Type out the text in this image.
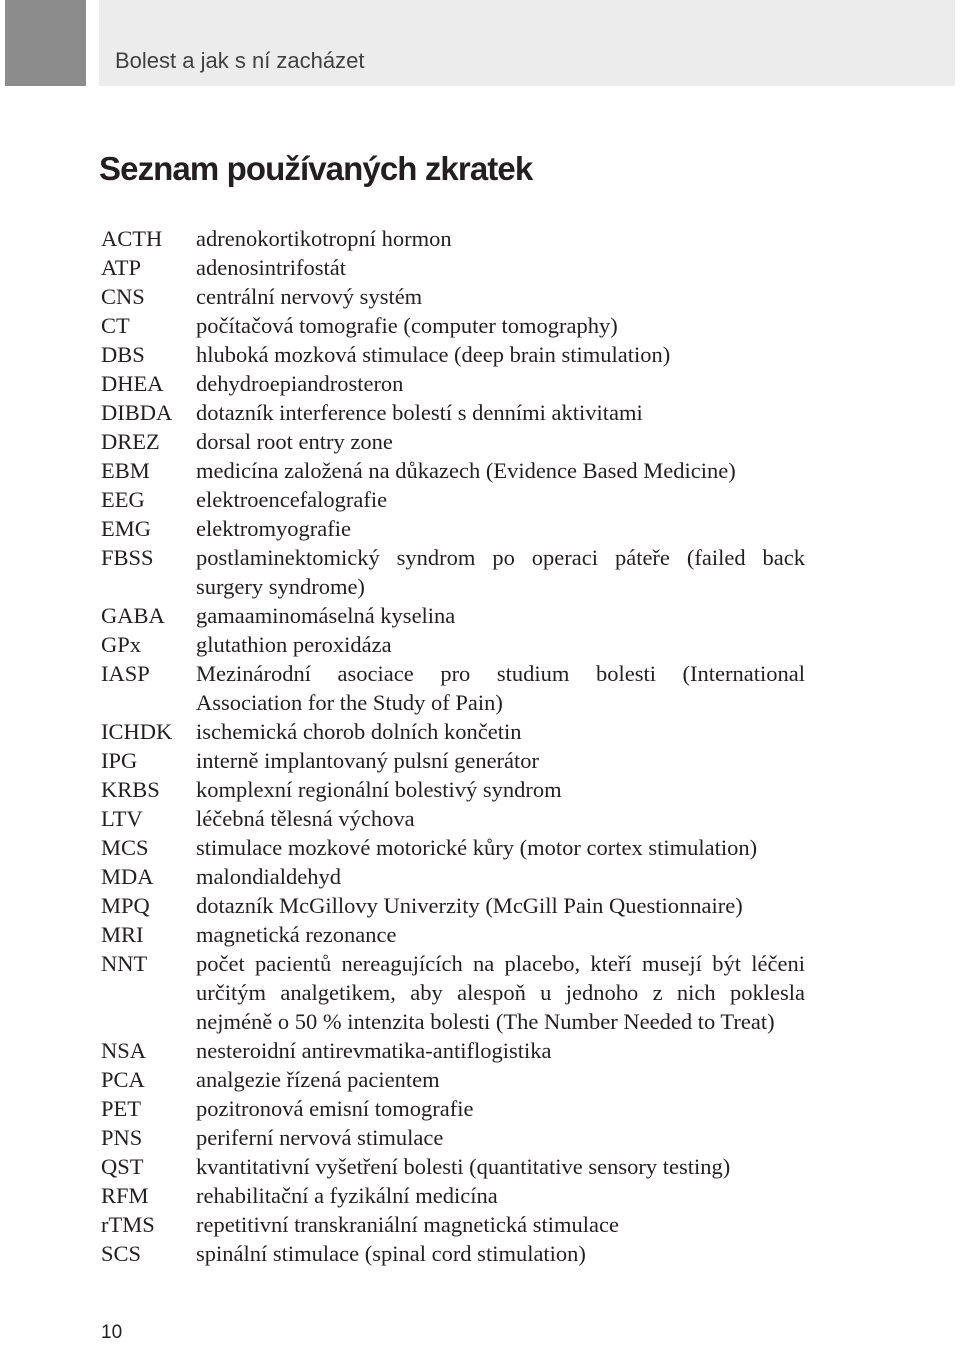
Bolest a jak s ní zacházet
Seznam používaných zkratek
ACTH	adrenokortikotropní hormon
ATP	adenosintrifostát
CNS	centrální nervový systém
CT	počítačová tomografie (computer tomography)
DBS	hluboká mozková stimulace (deep brain stimulation)
DHEA	dehydroepiandrosteron
DIBDA	dotazník interference bolestí s denními aktivitami
DREZ	dorsal root entry zone
EBM	medicína založená na důkazech (Evidence Based Medicine)
EEG	elektroencefalografie
EMG	elektromyografie
FBSS	postlaminektomický syndrom po operaci páteře (failed back surgery syndrome)
GABA	gamaaminomáselná kyselina
GPx	glutathion peroxidáza
IASP	Mezinárodní asociace pro studium bolesti (International Association for the Study of Pain)
ICHDK	ischemická chorob dolních končetin
IPG	interně implantovaný pulsní generátor
KRBS	komplexní regionální bolestivý syndrom
LTV	léčebná tělesná výchova
MCS	stimulace mozkové motorické kůry (motor cortex stimulation)
MDA	malondialdehyd
MPQ	dotazník McGillovy Univerzity (McGill Pain Questionnaire)
MRI	magnetická rezonance
NNT	počet pacientů nereagujících na placebo, kteří musejí být léčeni určitým analgetikem, aby alespoň u jednoho z nich poklesla nejméně o 50 % intenzita bolesti (The Number Needed to Treat)
NSA	nesteroidní antirevmatika-antiflogistika
PCA	analgezie řízená pacientem
PET	pozitronová emisní tomografie
PNS	periferní nervová stimulace
QST	kvantitativní vyšetření bolesti (quantitative sensory testing)
RFM	rehabilitační a fyzikální medicína
rTMS	repetitivní transkraniální magnetická stimulace
SCS	spinální stimulace (spinal cord stimulation)
10
